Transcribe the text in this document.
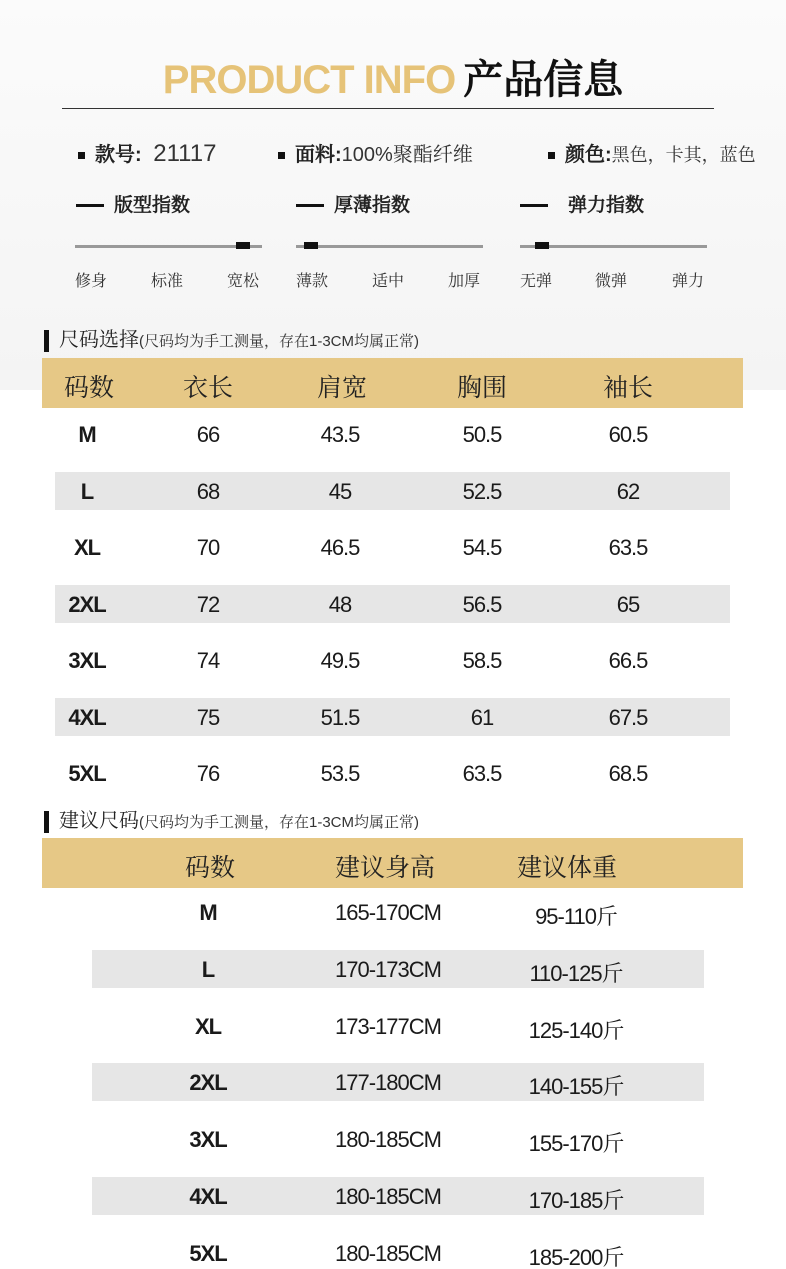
PRODUCT INFO 产品信息
款号: 21117	面料:100%聚酯纤维	颜色:黑色，卡其，蓝色
版型指数
修身	标准	宽松
厚薄指数
薄款	适中	加厚
弹力指数
无弹	微弹	弹力
尺码选择(尺码均为手工测量，存在1-3CM均属正常)
码数	衣长	肩宽	胸围	袖长
M	66	43.5	50.5	60.5
L	68	45	52.5	62
XL	70	46.5	54.5	63.5
2XL	72	48	56.5	65
3XL	74	49.5	58.5	66.5
4XL	75	51.5	61	67.5
5XL	76	53.5	63.5	68.5
建议尺码(尺码均为手工测量，存在1-3CM均属正常)
码数	建议身高	建议体重
M	165-170CM	95-110斤
L	170-173CM	110-125斤
XL	173-177CM	125-140斤
2XL	177-180CM	140-155斤
3XL	180-185CM	155-170斤
4XL	180-185CM	170-185斤
5XL	180-185CM	185-200斤
